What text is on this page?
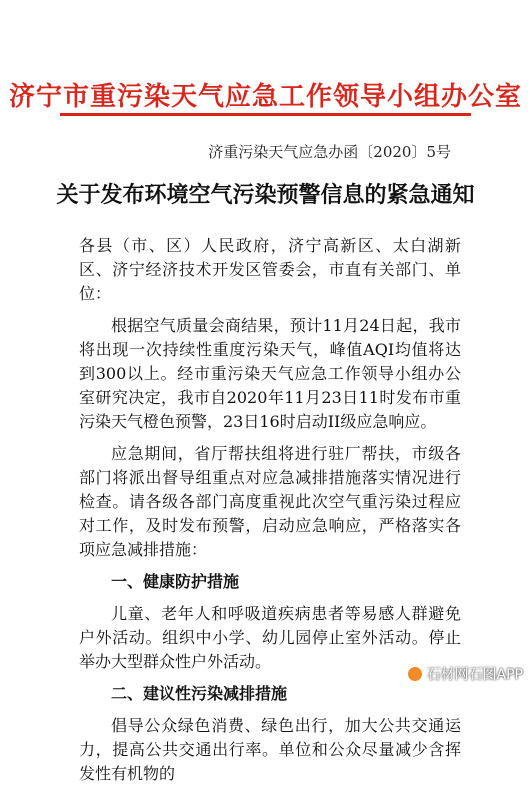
济宁市重污染天气应急工作领导小组办公室
济重污染天气应急办函〔2020〕5号
关于发布环境空气污染预警信息的紧急通知

各县（市、区）人民政府，济宁高新区、太白湖新区、济宁经济技术开发区管委会，市直有关部门、单位：

根据空气质量会商结果，预计11月24日起，我市将出现一次持续性重度污染天气，峰值AQI均值将达到300以上。经市重污染天气应急工作领导小组办公室研究决定，我市自2020年11月23日11时发布市重污染天气橙色预警，23日16时启动II级应急响应。

应急期间，省厅帮扶组将进行驻厂帮扶，市级各部门将派出督导组重点对应急减排措施落实情况进行检查。请各级各部门高度重视此次空气重污染过程应对工作，及时发布预警，启动应急响应，严格落实各项应急减排措施：

一、健康防护措施

儿童、老年人和呼吸道疾病患者等易感人群避免户外活动。组织中小学、幼儿园停止室外活动。停止举办大型群众性户外活动。

二、建议性污染减排措施

倡导公众绿色消费、绿色出行，加大公共交通运力，提高公共交通出行率。单位和公众尽量减少含挥发性有机物的

石材网石图APP
